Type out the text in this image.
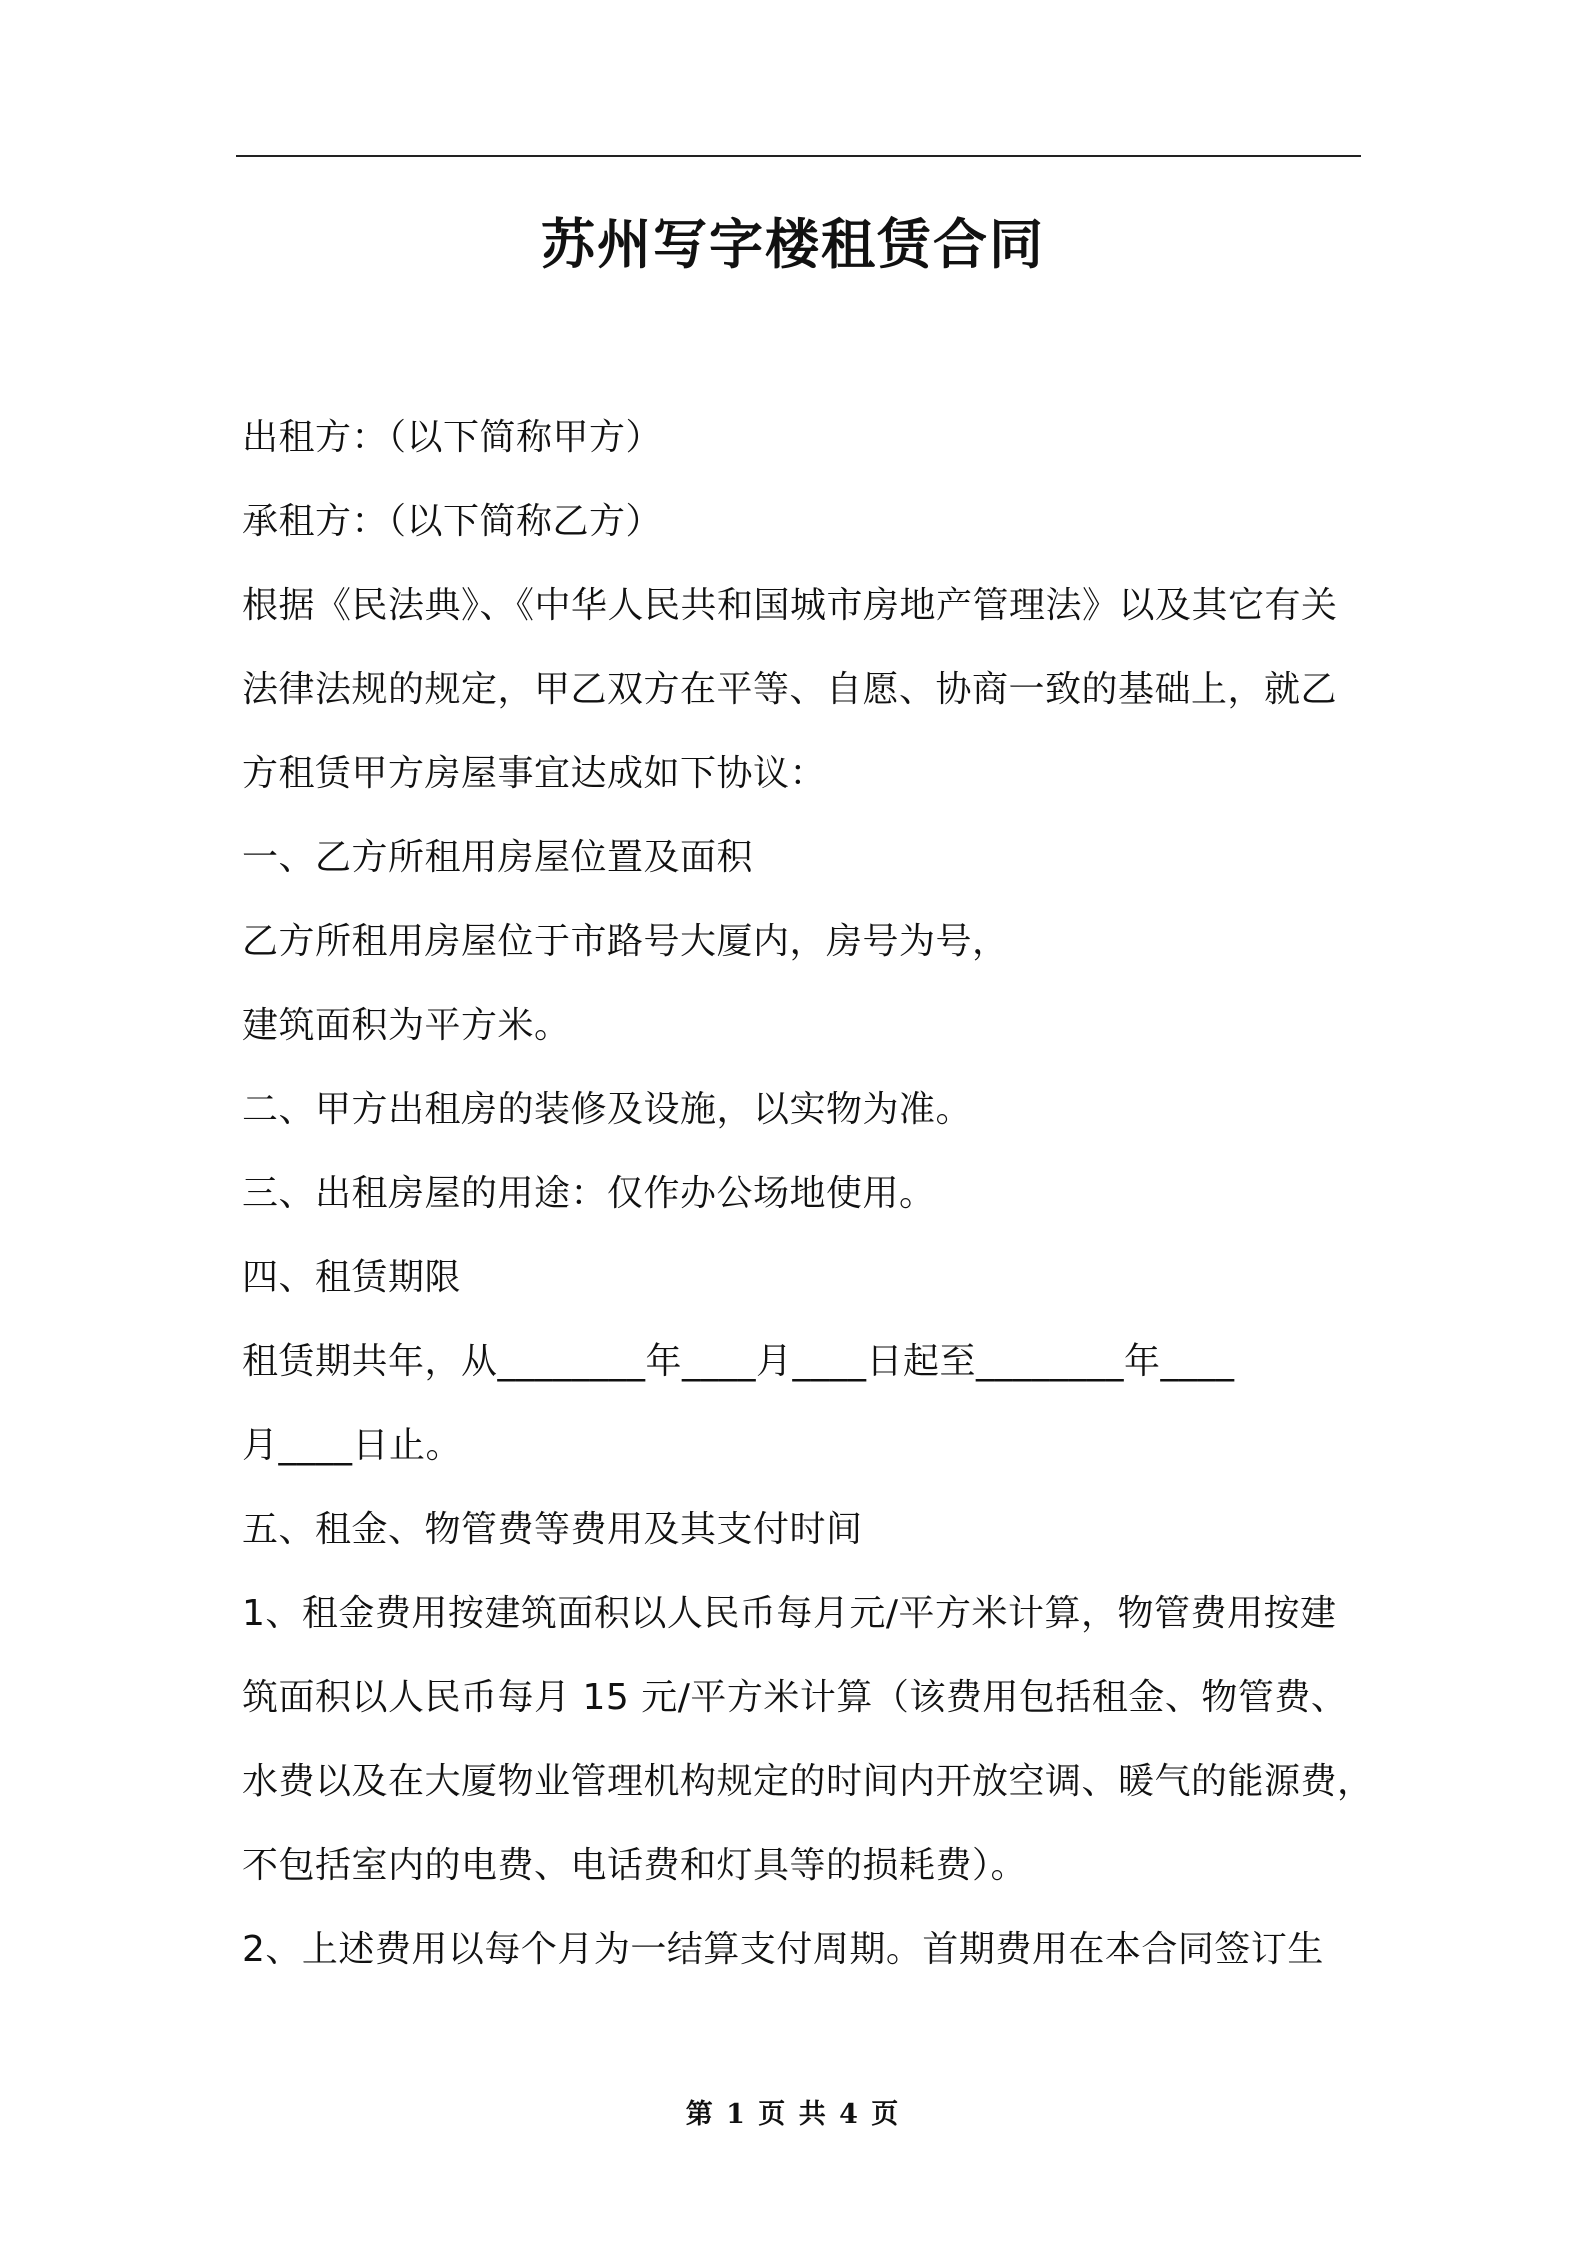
苏州写字楼租赁合同
出租方：（以下简称甲方）
承租方：（以下简称乙方）
根据《民法典》、《中华人民共和国城市房地产管理法》以及其它有关
法律法规的规定，甲乙双方在平等、自愿、协商一致的基础上，就乙
方租赁甲方房屋事宜达成如下协议：
一、乙方所租用房屋位置及面积
乙方所租用房屋位于市路号大厦内，房号为号，
建筑面积为平方米。
二、甲方出租房的装修及设施，以实物为准。
三、出租房屋的用途：仅作办公场地使用。
四、租赁期限
租赁期共年，从________年____月____日起至________年____
月____日止。
五、租金、物管费等费用及其支付时间
1、租金费用按建筑面积以人民币每月元/平方米计算，物管费用按建
筑面积以人民币每月 15 元/平方米计算（该费用包括租金、物管费、
水费以及在大厦物业管理机构规定的时间内开放空调、暖气的能源费，
不包括室内的电费、电话费和灯具等的损耗费）。
2、上述费用以每个月为一结算支付周期。首期费用在本合同签订生
第 1 页 共 4 页
